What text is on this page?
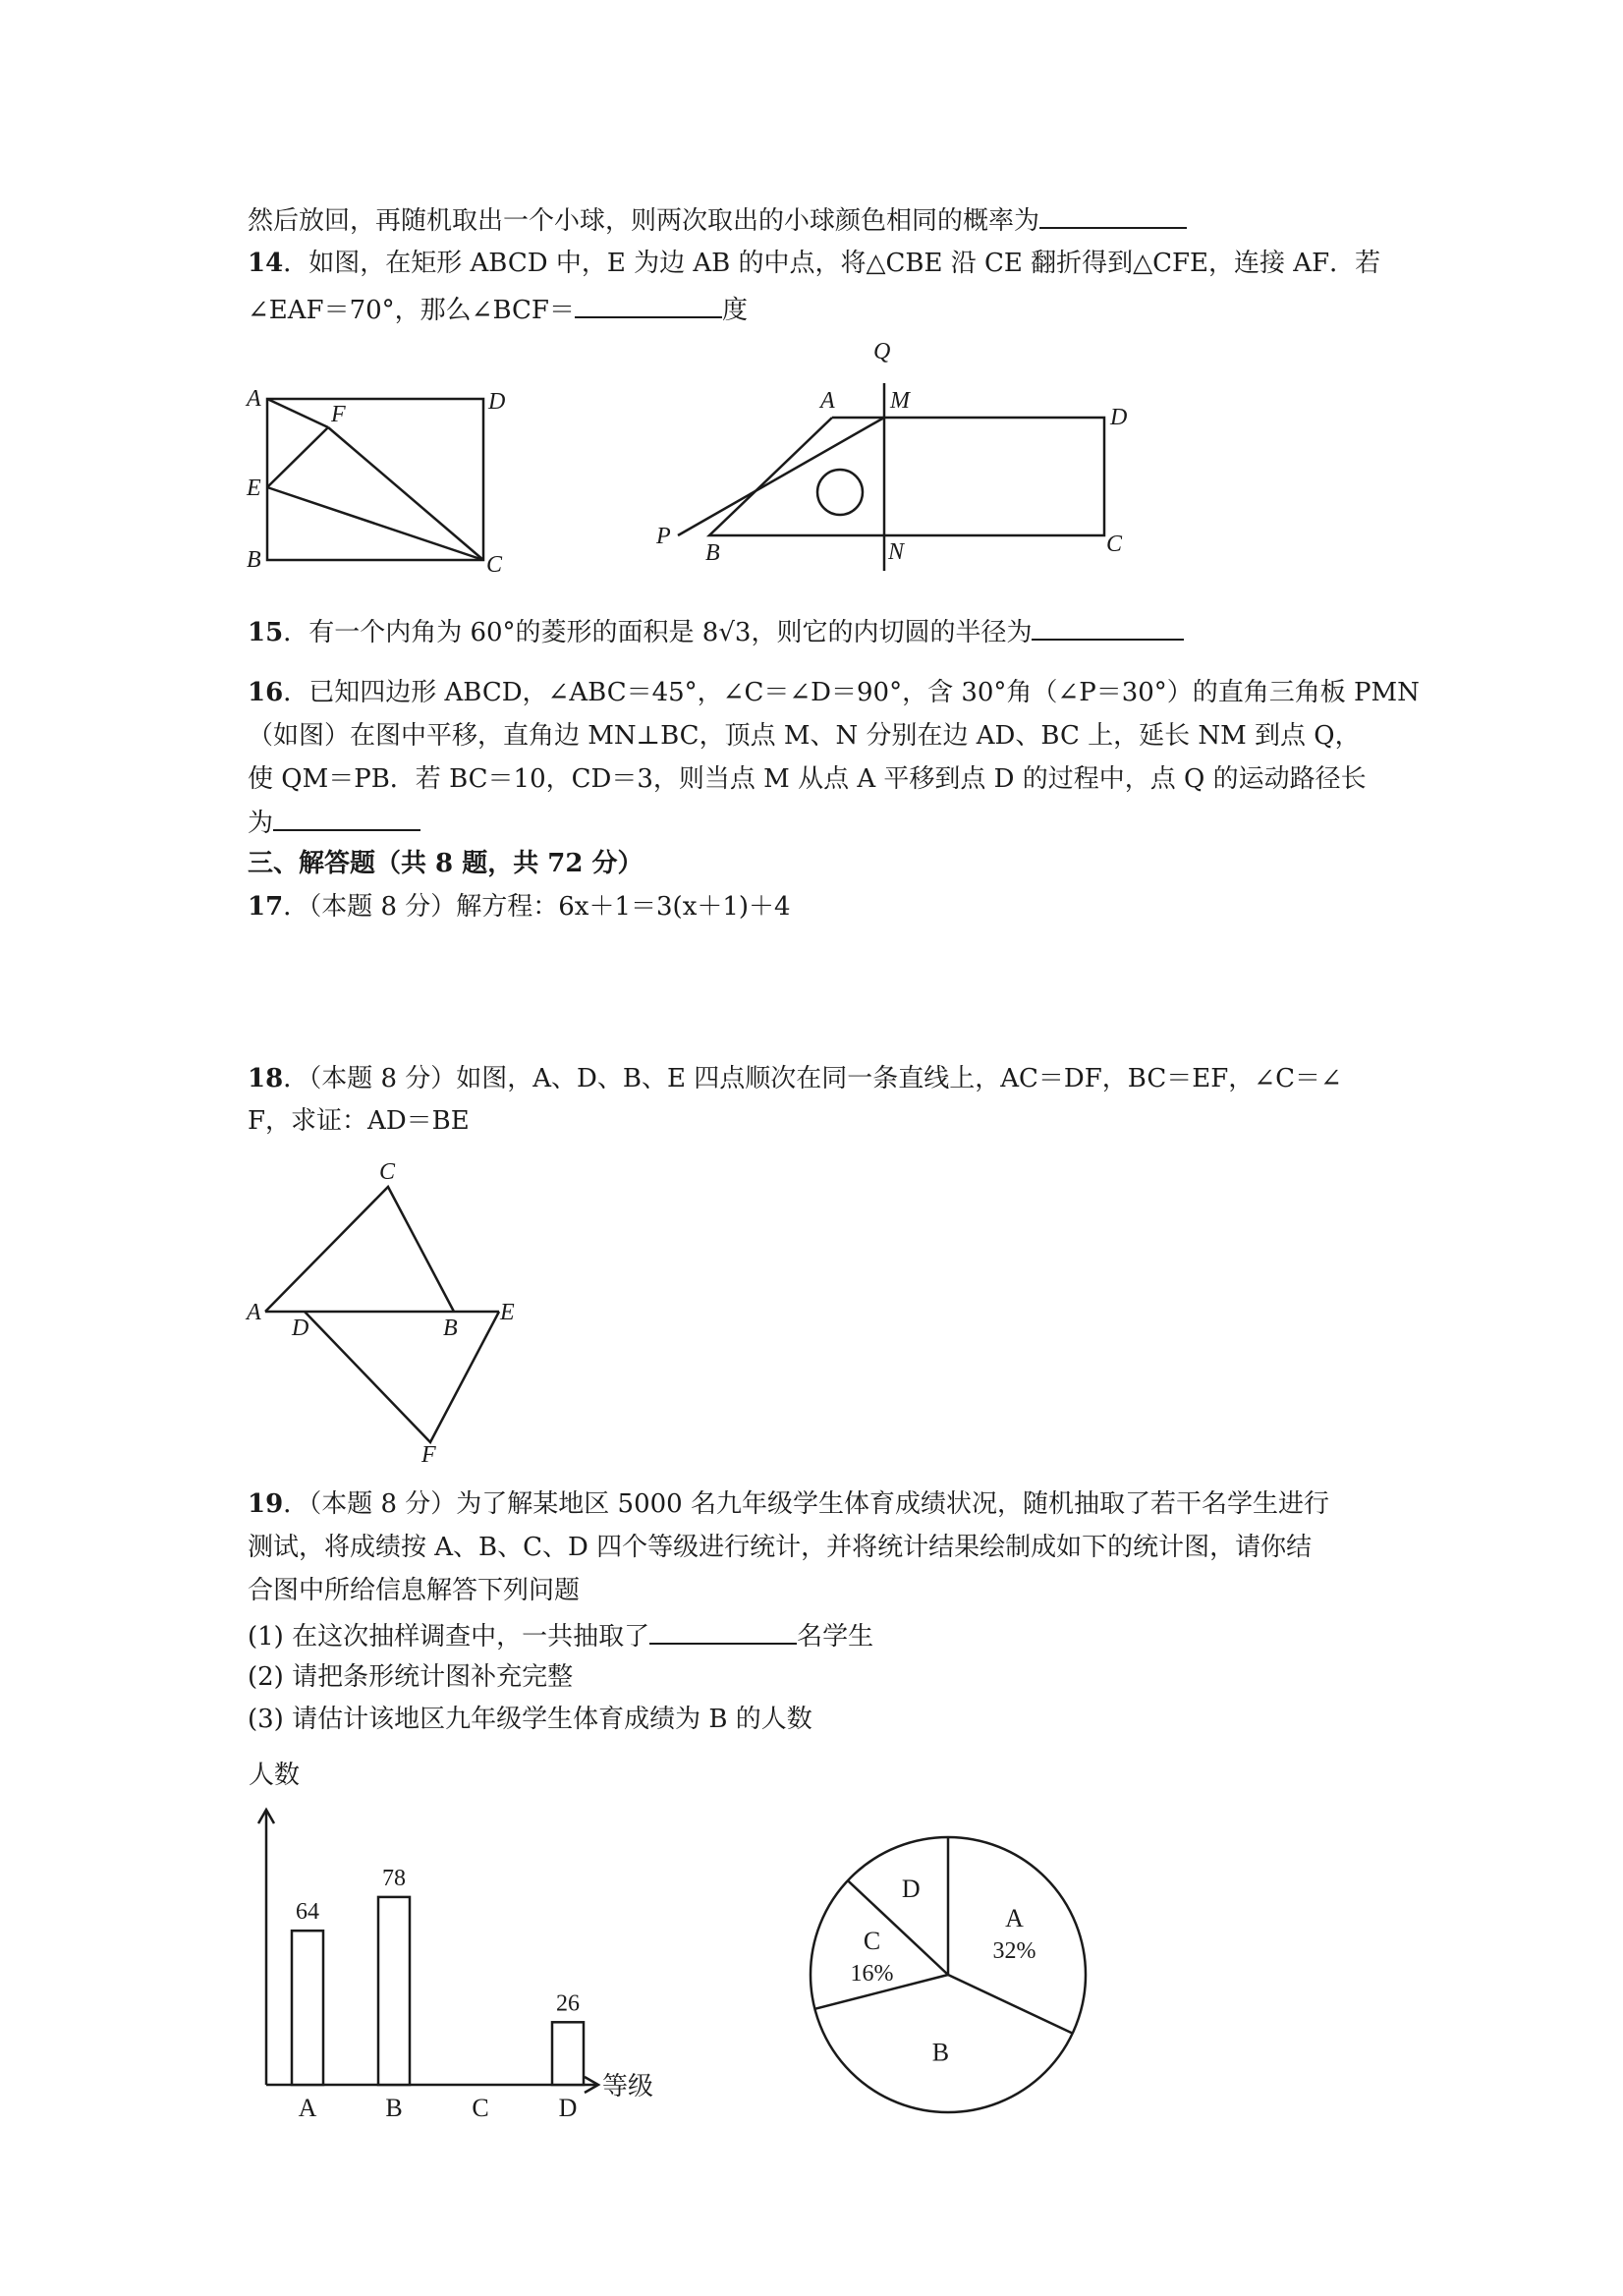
然后放回，再随机取出一个小球，则两次取出的小球颜色相同的概率为
14．如图，在矩形 ABCD 中，E 为边 AB 的中点，将△CBE 沿 CE 翻折得到△CFE，连接 AF．若
∠EAF＝70°，那么∠BCF＝	度
A
F	D
E
B	C
Q
A M
D
P
B	N	C
15．有一个内角为 60°的菱形的面积是 8√3，则它的内切圆的半径为
16．已知四边形 ABCD，∠ABC＝45°，∠C＝∠D＝90°，含 30°角（∠P＝30°）的直角三角板 PMN
（如图）在图中平移，直角边 MN⊥BC，顶点 M、N 分别在边 AD、BC 上，延长 NM 到点 Q，
使 QM＝PB．若 BC＝10，CD＝3，则当点 M 从点 A 平移到点 D 的过程中，点 Q 的运动路径长
为
三、解答题（共 8 题，共 72 分）
17．（本题 8 分）解方程：6x＋1＝3(x＋1)＋4
18．（本题 8 分）如图，A、D、B、E 四点顺次在同一条直线上，AC＝DF，BC＝EF，∠C＝∠
F，求证：AD＝BE
C
A
D	B
E
F
19．（本题 8 分）为了解某地区 5000 名九年级学生体育成绩状况，随机抽取了若干名学生进行
测试，将成绩按 A、B、C、D 四个等级进行统计，并将统计结果绘制成如下的统计图，请你结
合图中所给信息解答下列问题
(1) 在这次抽样调查中，一共抽取了	名学生
(2) 请把条形统计图补充完整
(3) 请估计该地区九年级学生体育成绩为 B 的人数
人数
等级
64
A
78
B	C
26
D
A
32%
B
C
16%
D
